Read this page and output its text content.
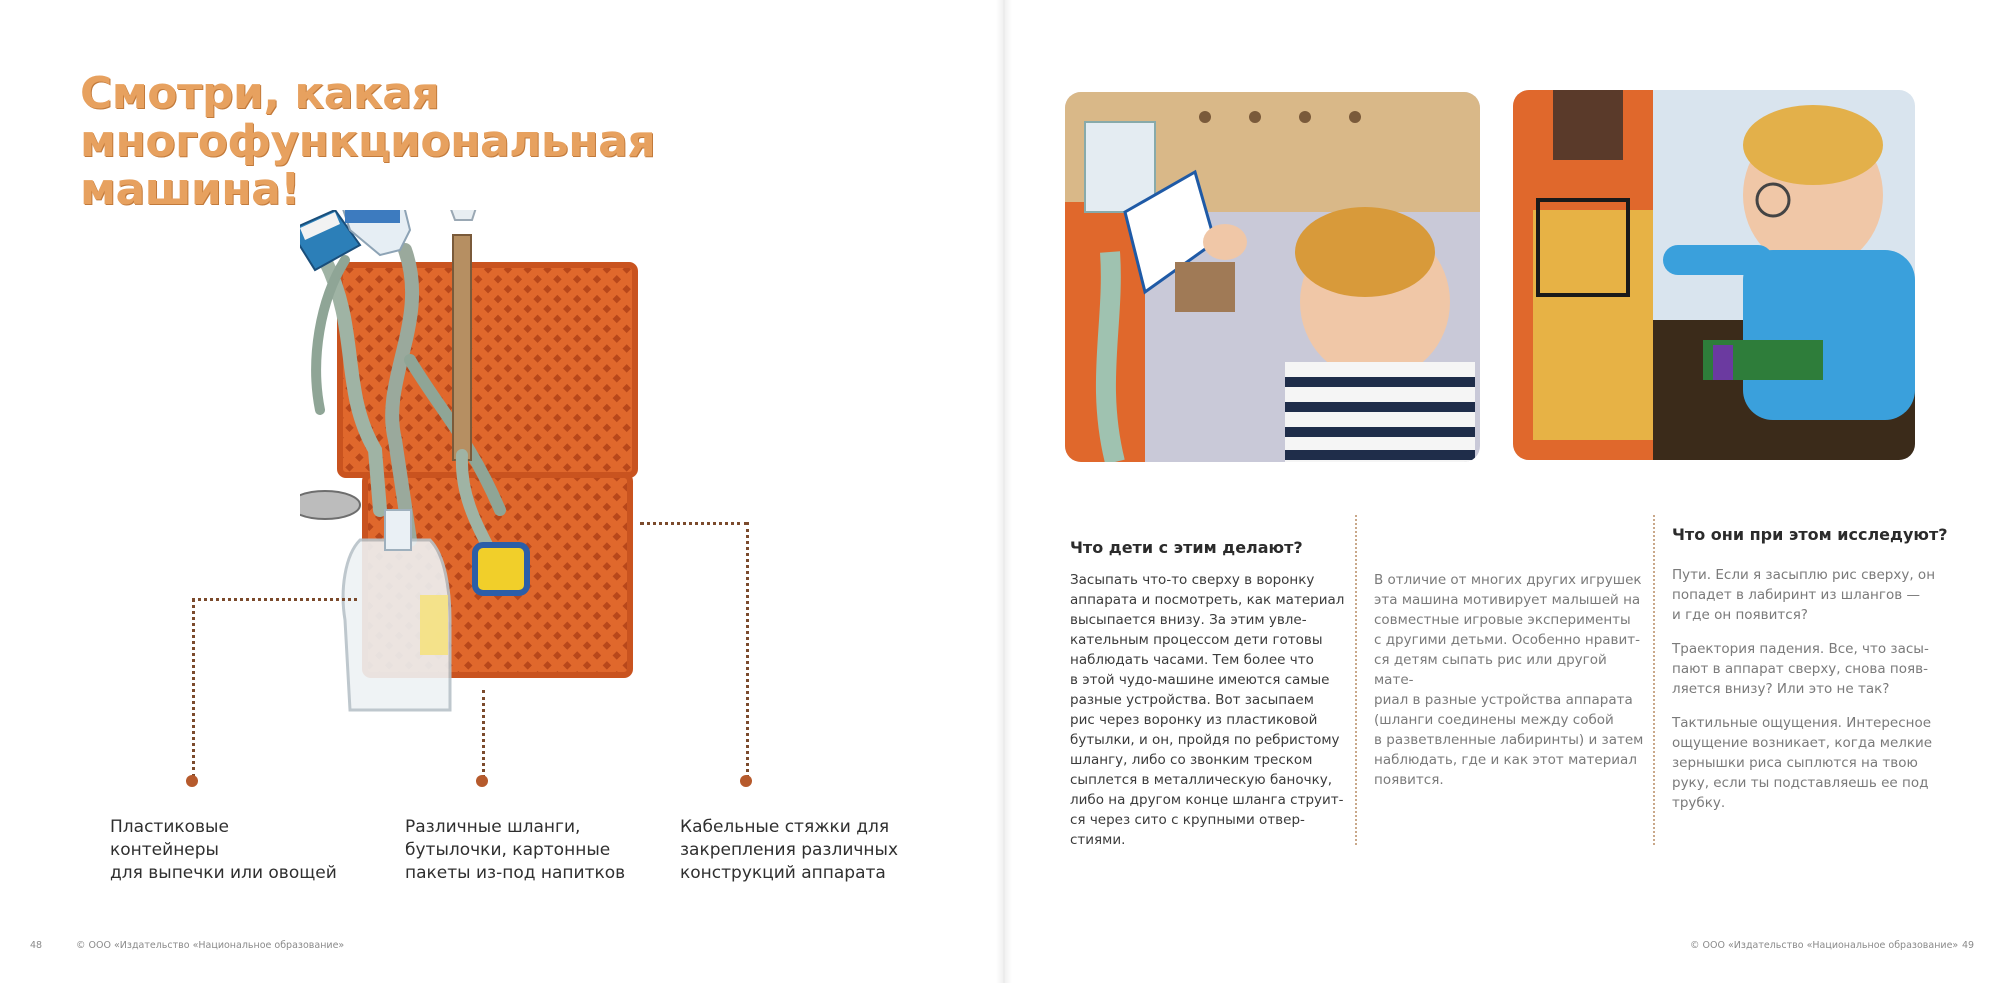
Смотри, какая многофункциональная
машина!
Пластиковые контейнеры
для выпечки или овощей
Различные шланги,
бутылочки, картонные
пакеты из-под напитков
Кабельные стяжки для
закрепления различных
конструкций аппарата
Что дети с этим делают?
Засыпать что-то сверху в воронку
аппарата и посмотреть, как материал
высыпается внизу. За этим увле-
кательным процессом дети готовы
наблюдать часами. Тем более что
в этой чудо-машине имеются самые
разные устройства. Вот засыпаем
рис через воронку из пластиковой
бутылки, и он, пройдя по ребристому
шлангу, либо со звонким треском
сыплется в металлическую баночку,
либо на другом конце шланга струит-
ся через сито с крупными отвер-
стиями.
В отличие от многих других игрушек
эта машина мотивирует малышей на
совместные игровые эксперименты
с другими детьми. Особенно нравит-
ся детям сыпать рис или другой мате-
риал в разные устройства аппарата
(шланги соединены между собой
в разветвленные лабиринты) и затем
наблюдать, где и как этот материал
появится.
Что они при этом исследуют?

Пути. Если я засыплю рис сверху, он
попадет в лабиринт из шлангов —
и где он появится?

Траектория падения. Все, что засы-
пают в аппарат сверху, снова появ-
ляется внизу? Или это не так?

Тактильные ощущения. Интересное
ощущение возникает, когда мелкие
зернышки риса сыплются на твою
руку, если ты подставляешь ее под
трубку.

48	© ООО «Издательство «Национальное образование»	© ООО «Издательство «Национальное образование» 49
